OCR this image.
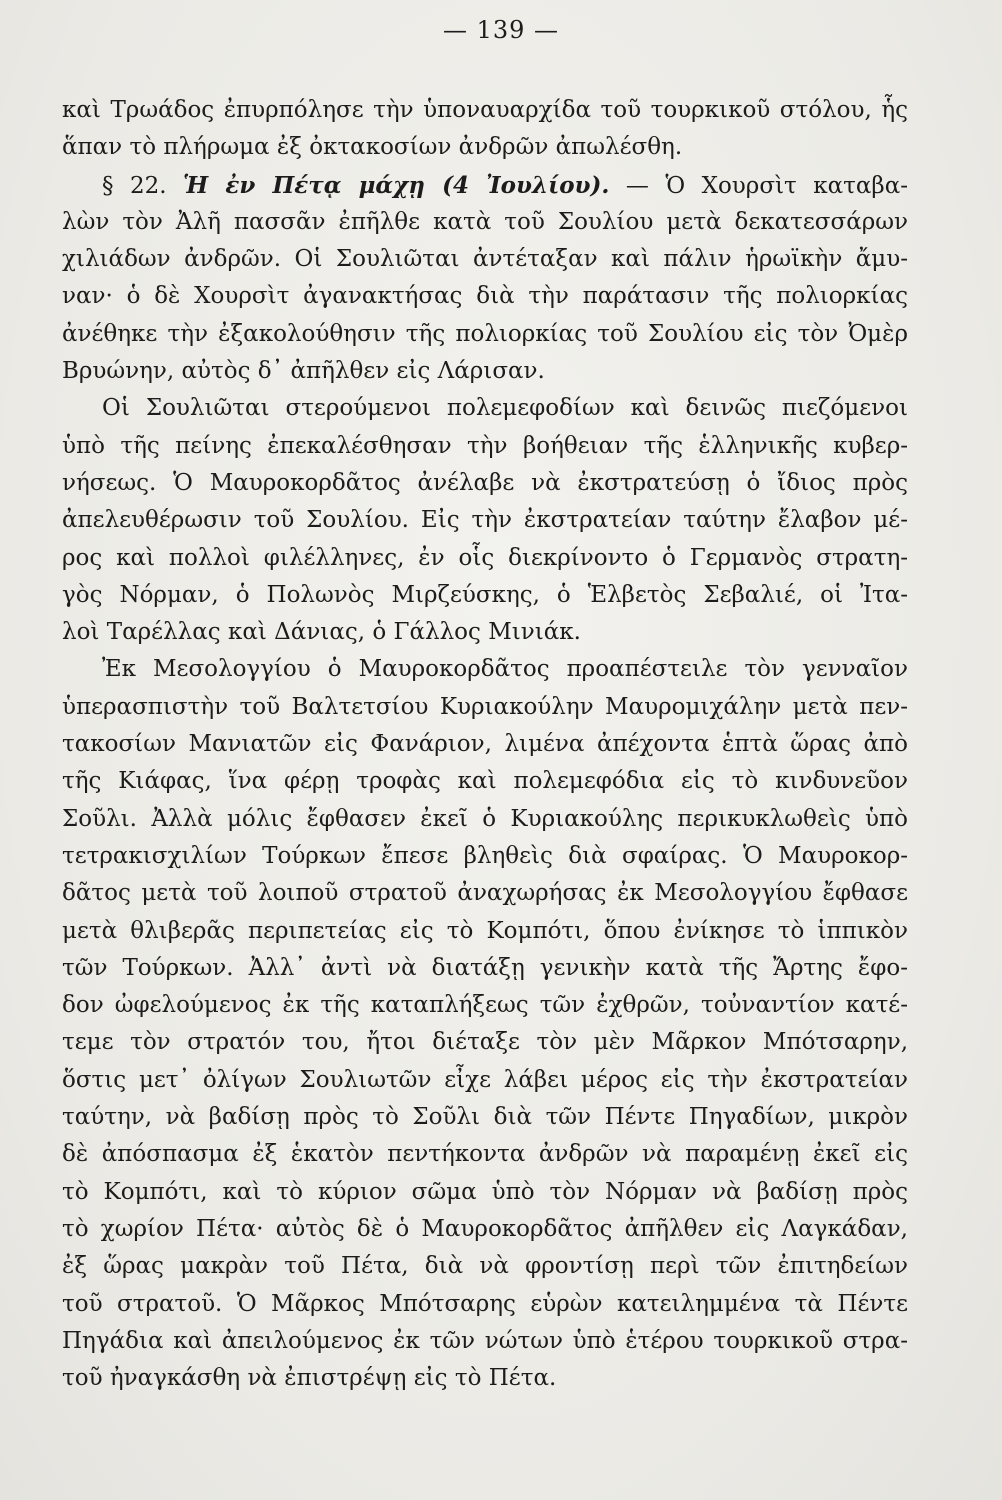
— 139 —
καὶ Τρωάδος ἐπυρπόλησε τὴν ὑποναυαρχίδα τοῦ τουρκικοῦ στόλου, ἧς
ἅπαν τὸ πλήρωμα ἐξ ὀκτακοσίων ἀνδρῶν ἀπωλέσθη.
§ 22. Ἡ ἐν Πέτᾳ μάχῃ (4 Ἰουλίου). — Ὁ Χουρσὶτ καταβα-
λὼν τὸν Ἀλῆ πασσᾶν ἐπῆλθε κατὰ τοῦ Σουλίου μετὰ δεκατεσσάρων
χιλιάδων ἀνδρῶν. Οἱ Σουλιῶται ἀντέταξαν καὶ πάλιν ἡρωϊκὴν ἄμυ-
ναν· ὁ δὲ Χουρσὶτ ἀγανακτήσας διὰ τὴν παράτασιν τῆς πολιορκίας
ἀνέθηκε τὴν ἐξακολούθησιν τῆς πολιορκίας τοῦ Σουλίου εἰς τὸν Ὀμὲρ
Βρυώνην, αὐτὸς δ᾽ ἀπῆλθεν εἰς Λάρισαν.
Οἱ Σουλιῶται στερούμενοι πολεμεφοδίων καὶ δεινῶς πιεζόμενοι
ὑπὸ τῆς πείνης ἐπεκαλέσθησαν τὴν βοήθειαν τῆς ἑλληνικῆς κυβερ-
νήσεως. Ὁ Μαυροκορδᾶτος ἀνέλαβε νὰ ἐκστρατεύσῃ ὁ ἴδιος πρὸς
ἀπελευθέρωσιν τοῦ Σουλίου. Εἰς τὴν ἐκστρατείαν ταύτην ἔλαβον μέ-
ρος καὶ πολλοὶ φιλέλληνες, ἐν οἷς διεκρίνοντο ὁ Γερμανὸς στρατη-
γὸς Νόρμαν, ὁ Πολωνὸς Μιρζεύσκης, ὁ Ἑλβετὸς Σεβαλιέ, οἱ Ἰτα-
λοὶ Ταρέλλας καὶ Δάνιας, ὁ Γάλλος Μινιάκ.
Ἐκ Μεσολογγίου ὁ Μαυροκορδᾶτος προαπέστειλε τὸν γενναῖον
ὑπερασπιστὴν τοῦ Βαλτετσίου Κυριακούλην Μαυρομιχάλην μετὰ πεν-
τακοσίων Μανιατῶν εἰς Φανάριον, λιμένα ἀπέχοντα ἑπτὰ ὥρας ἀπὸ
τῆς Κιάφας, ἵνα φέρῃ τροφὰς καὶ πολεμεφόδια εἰς τὸ κινδυνεῦον
Σοῦλι. Ἀλλὰ μόλις ἔφθασεν ἐκεῖ ὁ Κυριακούλης περικυκλωθεὶς ὑπὸ
τετρακισχιλίων Τούρκων ἔπεσε βληθεὶς διὰ σφαίρας. Ὁ Μαυροκορ-
δᾶτος μετὰ τοῦ λοιποῦ στρατοῦ ἀναχωρήσας ἐκ Μεσολογγίου ἔφθασε
μετὰ θλιβερᾶς περιπετείας εἰς τὸ Κομπότι, ὅπου ἐνίκησε τὸ ἱππικὸν
τῶν Τούρκων. Ἀλλ᾽ ἀντὶ νὰ διατάξῃ γενικὴν κατὰ τῆς Ἄρτης ἔφο-
δον ὠφελούμενος ἐκ τῆς καταπλήξεως τῶν ἐχθρῶν, τοὐναντίον κατέ-
τεμε τὸν στρατόν του, ἤτοι διέταξε τὸν μὲν Μᾶρκον Μπότσαρην,
ὅστις μετ᾽ ὀλίγων Σουλιωτῶν εἶχε λάβει μέρος εἰς τὴν ἐκστρατείαν
ταύτην, νὰ βαδίσῃ πρὸς τὸ Σοῦλι διὰ τῶν Πέντε Πηγαδίων, μικρὸν
δὲ ἀπόσπασμα ἐξ ἑκατὸν πεντήκοντα ἀνδρῶν νὰ παραμένῃ ἐκεῖ εἰς
τὸ Κομπότι, καὶ τὸ κύριον σῶμα ὑπὸ τὸν Νόρμαν νὰ βαδίσῃ πρὸς
τὸ χωρίον Πέτα· αὐτὸς δὲ ὁ Μαυροκορδᾶτος ἀπῆλθεν εἰς Λαγκάδαν,
ἐξ ὥρας μακρὰν τοῦ Πέτα, διὰ νὰ φροντίσῃ περὶ τῶν ἐπιτηδείων
τοῦ στρατοῦ. Ὁ Μᾶρκος Μπότσαρης εὑρὼν κατειλημμένα τὰ Πέντε
Πηγάδια καὶ ἀπειλούμενος ἐκ τῶν νώτων ὑπὸ ἑτέρου τουρκικοῦ στρα-
τοῦ ἠναγκάσθη νὰ ἐπιστρέψῃ εἰς τὸ Πέτα.
